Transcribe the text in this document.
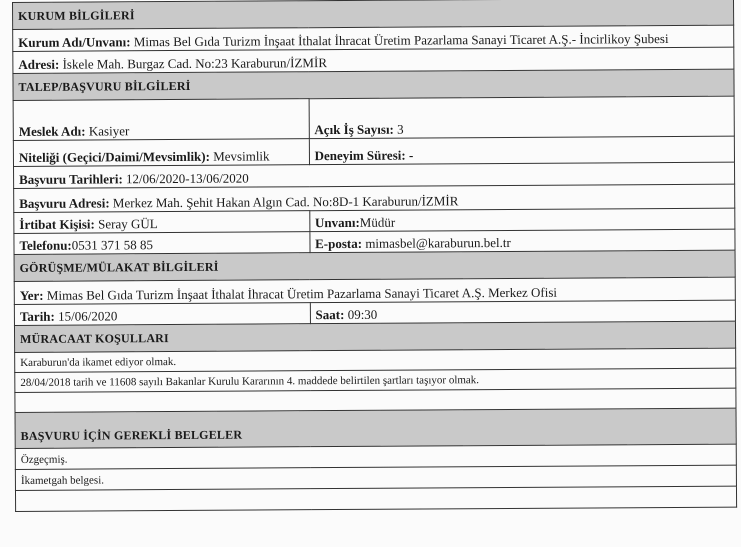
KURUM BİLGİLERİ	
Kurum Adı/Unvanı: Mimas Bel Gıda Turizm İnşaat İthalat İhracat Üretim Pazarlama Sanayi Ticaret A.Ş.- İncirlikoy Şubesi	
Adresi: İskele Mah. Burgaz Cad. No:23 Karaburun/İZMİR	
TALEP/BAŞVURU BİLGİLERİ	
Meslek Adı: Kasiyer	Açık İş Sayısı: 3
Niteliği (Geçici/Daimi/Mevsimlik): Mevsimlik	Deneyim Süresi: -
Başvuru Tarihleri: 12/06/2020-13/06/2020	
Başvuru Adresi: Merkez Mah. Şehit Hakan Algın Cad. No:8D-1 Karaburun/İZMİR	
İrtibat Kişisi: Seray GÜL	Unvanı:Müdür
Telefonu:0531 371 58 85	E-posta: mimasbel@karaburun.bel.tr
GÖRÜŞME/MÜLAKAT BİLGİLERİ	
Yer: Mimas Bel Gıda Turizm İnşaat İthalat İhracat Üretim Pazarlama Sanayi Ticaret A.Ş. Merkez Ofisi	
Tarih: 15/06/2020	Saat: 09:30
MÜRACAAT KOŞULLARI	
Karaburun'da ikamet ediyor olmak.	
28/04/2018 tarih ve 11608 sayılı Bakanlar Kurulu Kararının 4. maddede belirtilen şartları taşıyor olmak.	

BAŞVURU İÇİN GEREKLİ BELGELER	
Özgeçmiş.	
İkametgah belgesi.	
